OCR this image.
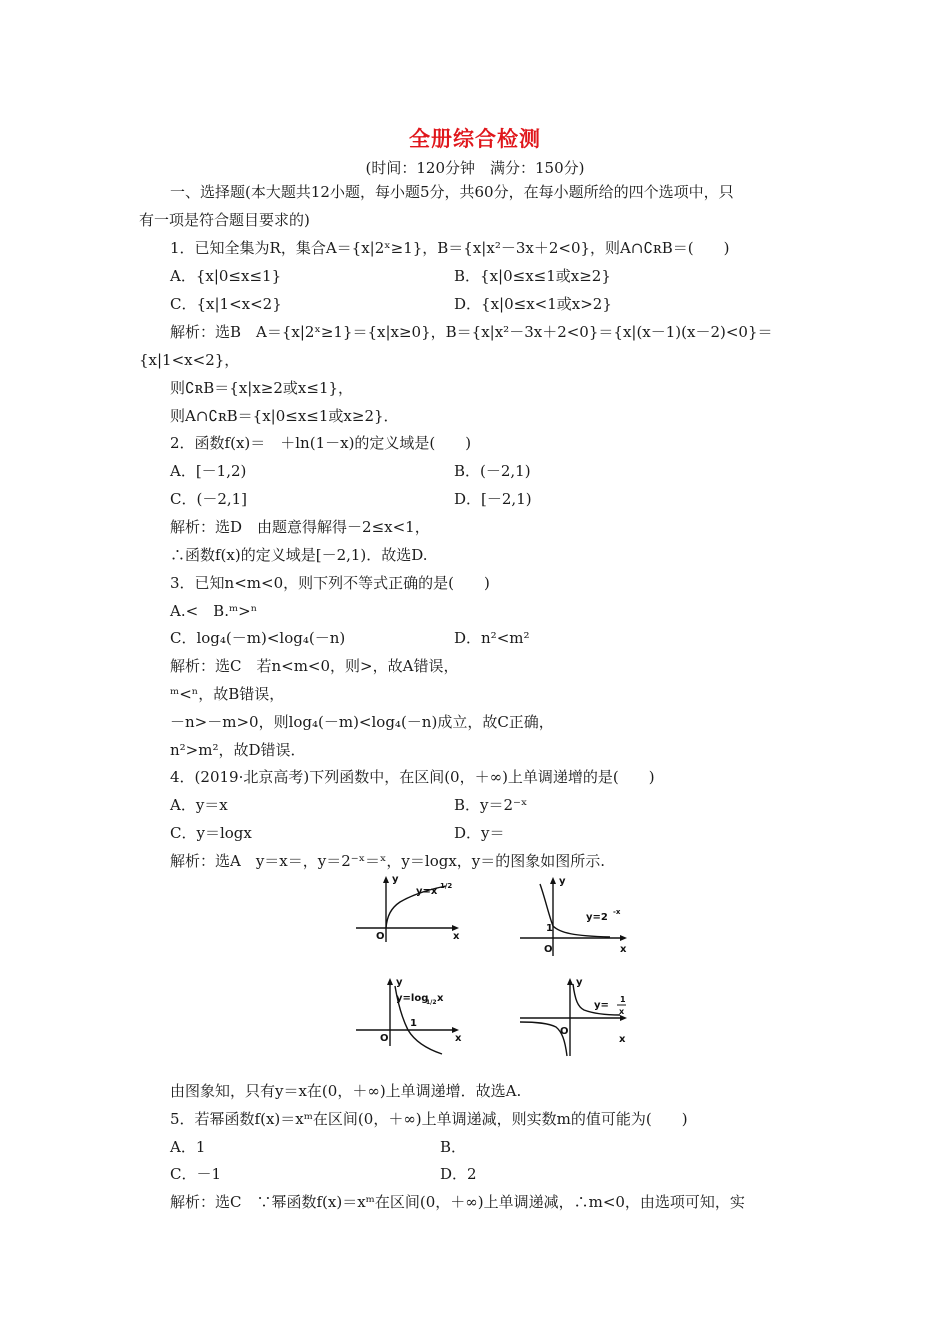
全册综合检测
(时间：120分钟　满分：150分)
一、选择题(本大题共12小题，每小题5分，共60分，在每小题所给的四个选项中，只
有一项是符合题目要求的)
1．已知全集为R，集合A＝{x|2ˣ≥1}，B＝{x|x²－3x＋2<0}，则A∩∁ʀB＝(　　)
A．{x|0≤x≤1}	B．{x|0≤x≤1或x≥2}
C．{x|1<x<2}	D．{x|0≤x<1或x>2}
解析：选B　A＝{x|2ˣ≥1}＝{x|x≥0}，B＝{x|x²－3x＋2<0}＝{x|(x－1)(x－2)<0}＝
{x|1<x<2}，
则∁ʀB＝{x|x≥2或x≤1}，
则A∩∁ʀB＝{x|0≤x≤1或x≥2}．
2．函数f(x)＝　＋ln(1－x)的定义域是(　　)
A．[－1,2)	B．(－2,1)
C．(－2,1]	D．[－2,1)
解析：选D　由题意得解得－2≤x<1，
∴函数f(x)的定义域是[－2,1)．故选D.
3．已知n<m<0，则下列不等式正确的是(　　)
A.<　B.ᵐ>ⁿ
C．log₄(－m)<log₄(－n)	D．n²<m²
解析：选C　若n<m<0，则>，故A错误，
ᵐ<ⁿ，故B错误，
－n>－m>0，则log₄(－m)<log₄(－n)成立，故C正确，
n²>m²，故D错误．
4．(2019·北京高考)下列函数中，在区间(0，＋∞)上单调递增的是(　　)
A．y＝x	B．y＝2⁻ˣ
C．y＝logx	D．y＝
解析：选A　y＝x＝，y＝2⁻ˣ＝ˣ，y＝logx，y＝的图象如图所示.
y
x
O
y=x 1/2	y
x
O
1
y=2 -x
y
x
O
1
y=log
1/2 x
y
x
O
y=
1
x
由图象知，只有y＝x在(0，＋∞)上单调递增．故选A.
5．若幂函数f(x)＝xᵐ在区间(0，＋∞)上单调递减，则实数m的值可能为(　　)
A．1	B．
C．－1	D．2
解析：选C　∵幂函数f(x)＝xᵐ在区间(0，＋∞)上单调递减，∴m<0，由选项可知，实
